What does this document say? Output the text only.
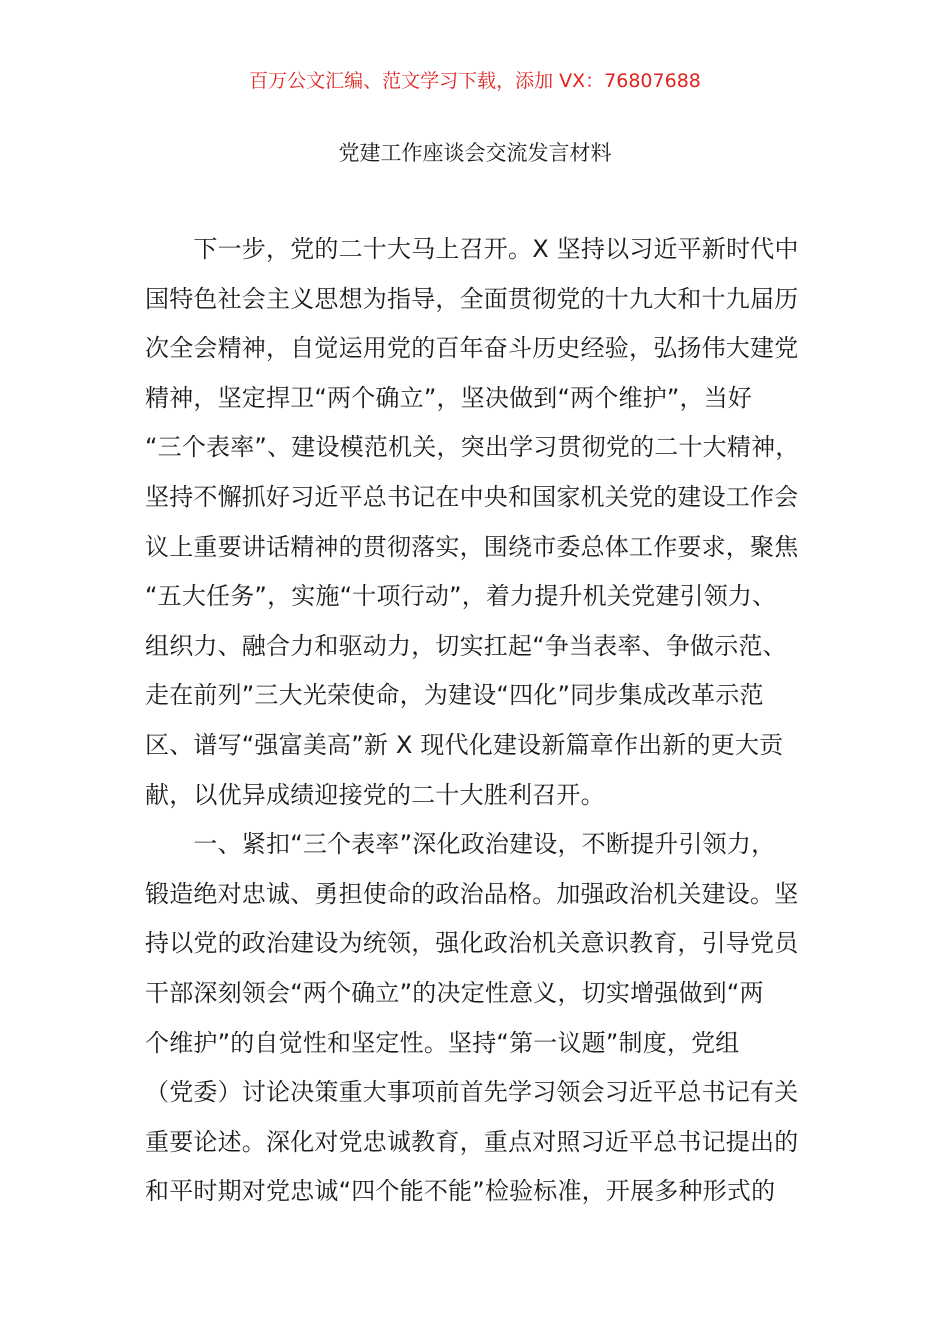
百万公文汇编、范文学习下载，添加 VX：76807688
党建工作座谈会交流发言材料
　　下一步，党的二十大马上召开。X 坚持以习近平新时代中
国特色社会主义思想为指导，全面贯彻党的十九大和十九届历
次全会精神，自觉运用党的百年奋斗历史经验，弘扬伟大建党
精神，坚定捍卫“两个确立”，坚决做到“两个维护”，当好
“三个表率”、建设模范机关，突出学习贯彻党的二十大精神，
坚持不懈抓好习近平总书记在中央和国家机关党的建设工作会
议上重要讲话精神的贯彻落实，围绕市委总体工作要求，聚焦
“五大任务”，实施“十项行动”，着力提升机关党建引领力、
组织力、融合力和驱动力，切实扛起“争当表率、争做示范、
走在前列”三大光荣使命，为建设“四化”同步集成改革示范
区、谱写“强富美高”新 X 现代化建设新篇章作出新的更大贡
献，以优异成绩迎接党的二十大胜利召开。
　　一、紧扣“三个表率”深化政治建设，不断提升引领力，
锻造绝对忠诚、勇担使命的政治品格。加强政治机关建设。坚
持以党的政治建设为统领，强化政治机关意识教育，引导党员
干部深刻领会“两个确立”的决定性意义，切实增强做到“两
个维护”的自觉性和坚定性。坚持“第一议题”制度，党组
（党委）讨论决策重大事项前首先学习领会习近平总书记有关
重要论述。深化对党忠诚教育，重点对照习近平总书记提出的
和平时期对党忠诚“四个能不能”检验标准，开展多种形式的
